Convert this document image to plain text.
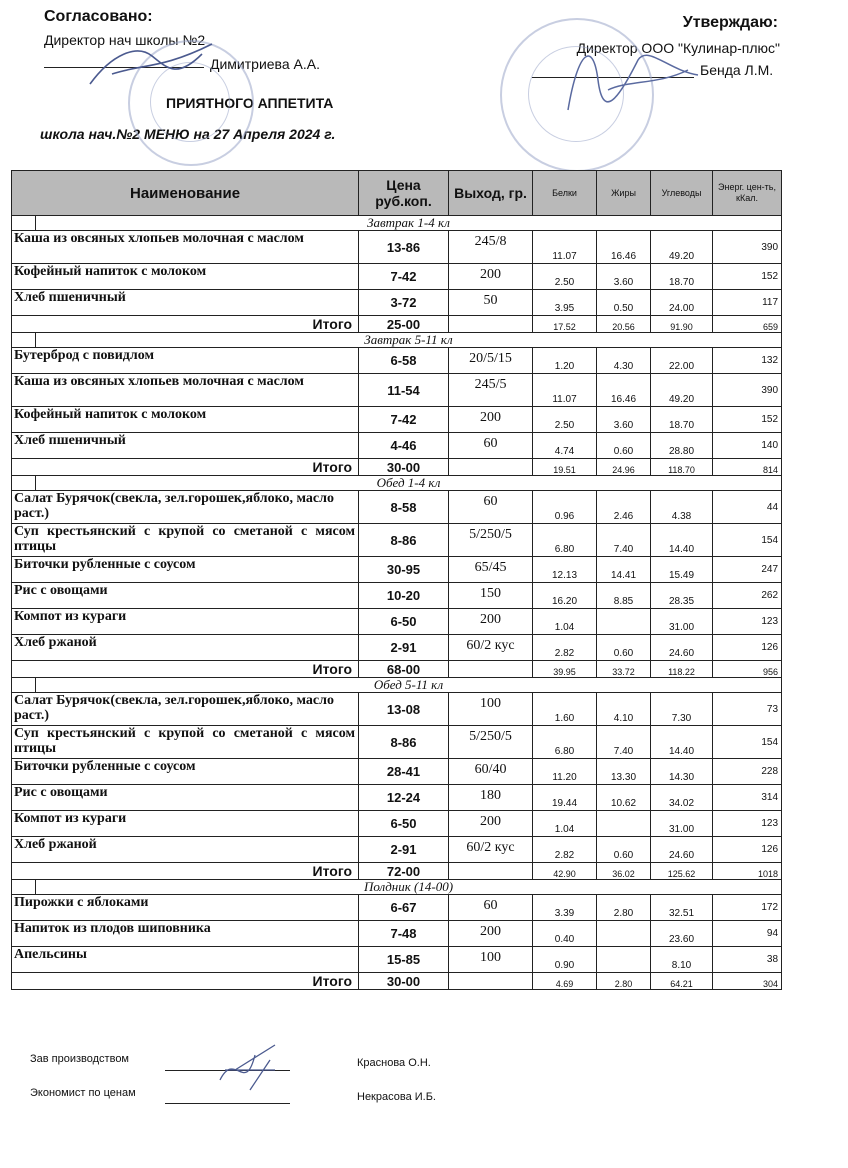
Согласовано:
Директор нач школы №2
Димитриева А.А.
Утверждаю:
Директор ООО "Кулинар-плюс"
Бенда Л.М.
ПРИЯТНОГО АППЕТИТА
школа нач.№2 МЕНЮ на 27 Апреля 2024 г.
Наименование		Цена руб.коп.	Выход, гр.	Белки	Жиры	Углеводы	Энерг. цен-ть, кКал.
	Завтрак 1-4 кл						
Каша из овсяных хлопьев молочная с маслом		13-86	245/8	11.07	16.46	49.20	390
Кофейный напиток с молоком		7-42	200	2.50	3.60	18.70	152
Хлеб пшеничный		3-72	50	3.95	0.50	24.00	117
Итого		25-00		17.52	20.56	91.90	659
	Завтрак 5-11 кл						
Бутерброд с повидлом		6-58	20/5/15	1.20	4.30	22.00	132
Каша из овсяных хлопьев молочная с маслом		11-54	245/5	11.07	16.46	49.20	390
Кофейный напиток с молоком		7-42	200	2.50	3.60	18.70	152
Хлеб пшеничный		4-46	60	4.74	0.60	28.80	140
Итого		30-00		19.51	24.96	118.70	814
	Обед 1-4 кл						
Салат Бурячок(свекла, зел.горошек,яблоко, масло раст.)		8-58	60	0.96	2.46	4.38	44
Суп крестьянский с крупой со сметаной с мясом птицы		8-86	5/250/5	6.80	7.40	14.40	154
Биточки рубленные с соусом		30-95	65/45	12.13	14.41	15.49	247
Рис с овощами		10-20	150	16.20	8.85	28.35	262
Компот из кураги		6-50	200	1.04		31.00	123
Хлеб ржаной		2-91	60/2 кус	2.82	0.60	24.60	126
Итого		68-00		39.95	33.72	118.22	956
	Обед 5-11 кл						
Салат Бурячок(свекла, зел.горошек,яблоко, масло раст.)		13-08	100	1.60	4.10	7.30	73
Суп крестьянский с крупой со сметаной с мясом птицы		8-86	5/250/5	6.80	7.40	14.40	154
Биточки рубленные с соусом		28-41	60/40	11.20	13.30	14.30	228
Рис с овощами		12-24	180	19.44	10.62	34.02	314
Компот из кураги		6-50	200	1.04		31.00	123
Хлеб ржаной		2-91	60/2 кус	2.82	0.60	24.60	126
Итого		72-00		42.90	36.02	125.62	1018
	Полдник (14-00)						
Пирожки с яблоками		6-67	60	3.39	2.80	32.51	172
Напиток из плодов шиповника		7-48	200	0.40		23.60	94
Апельсины		15-85	100	0.90		8.10	38
Итого		30-00		4.69	2.80	64.21	304
Зав производством	Краснова О.Н.
Экономист по ценам	Некрасова И.Б.
